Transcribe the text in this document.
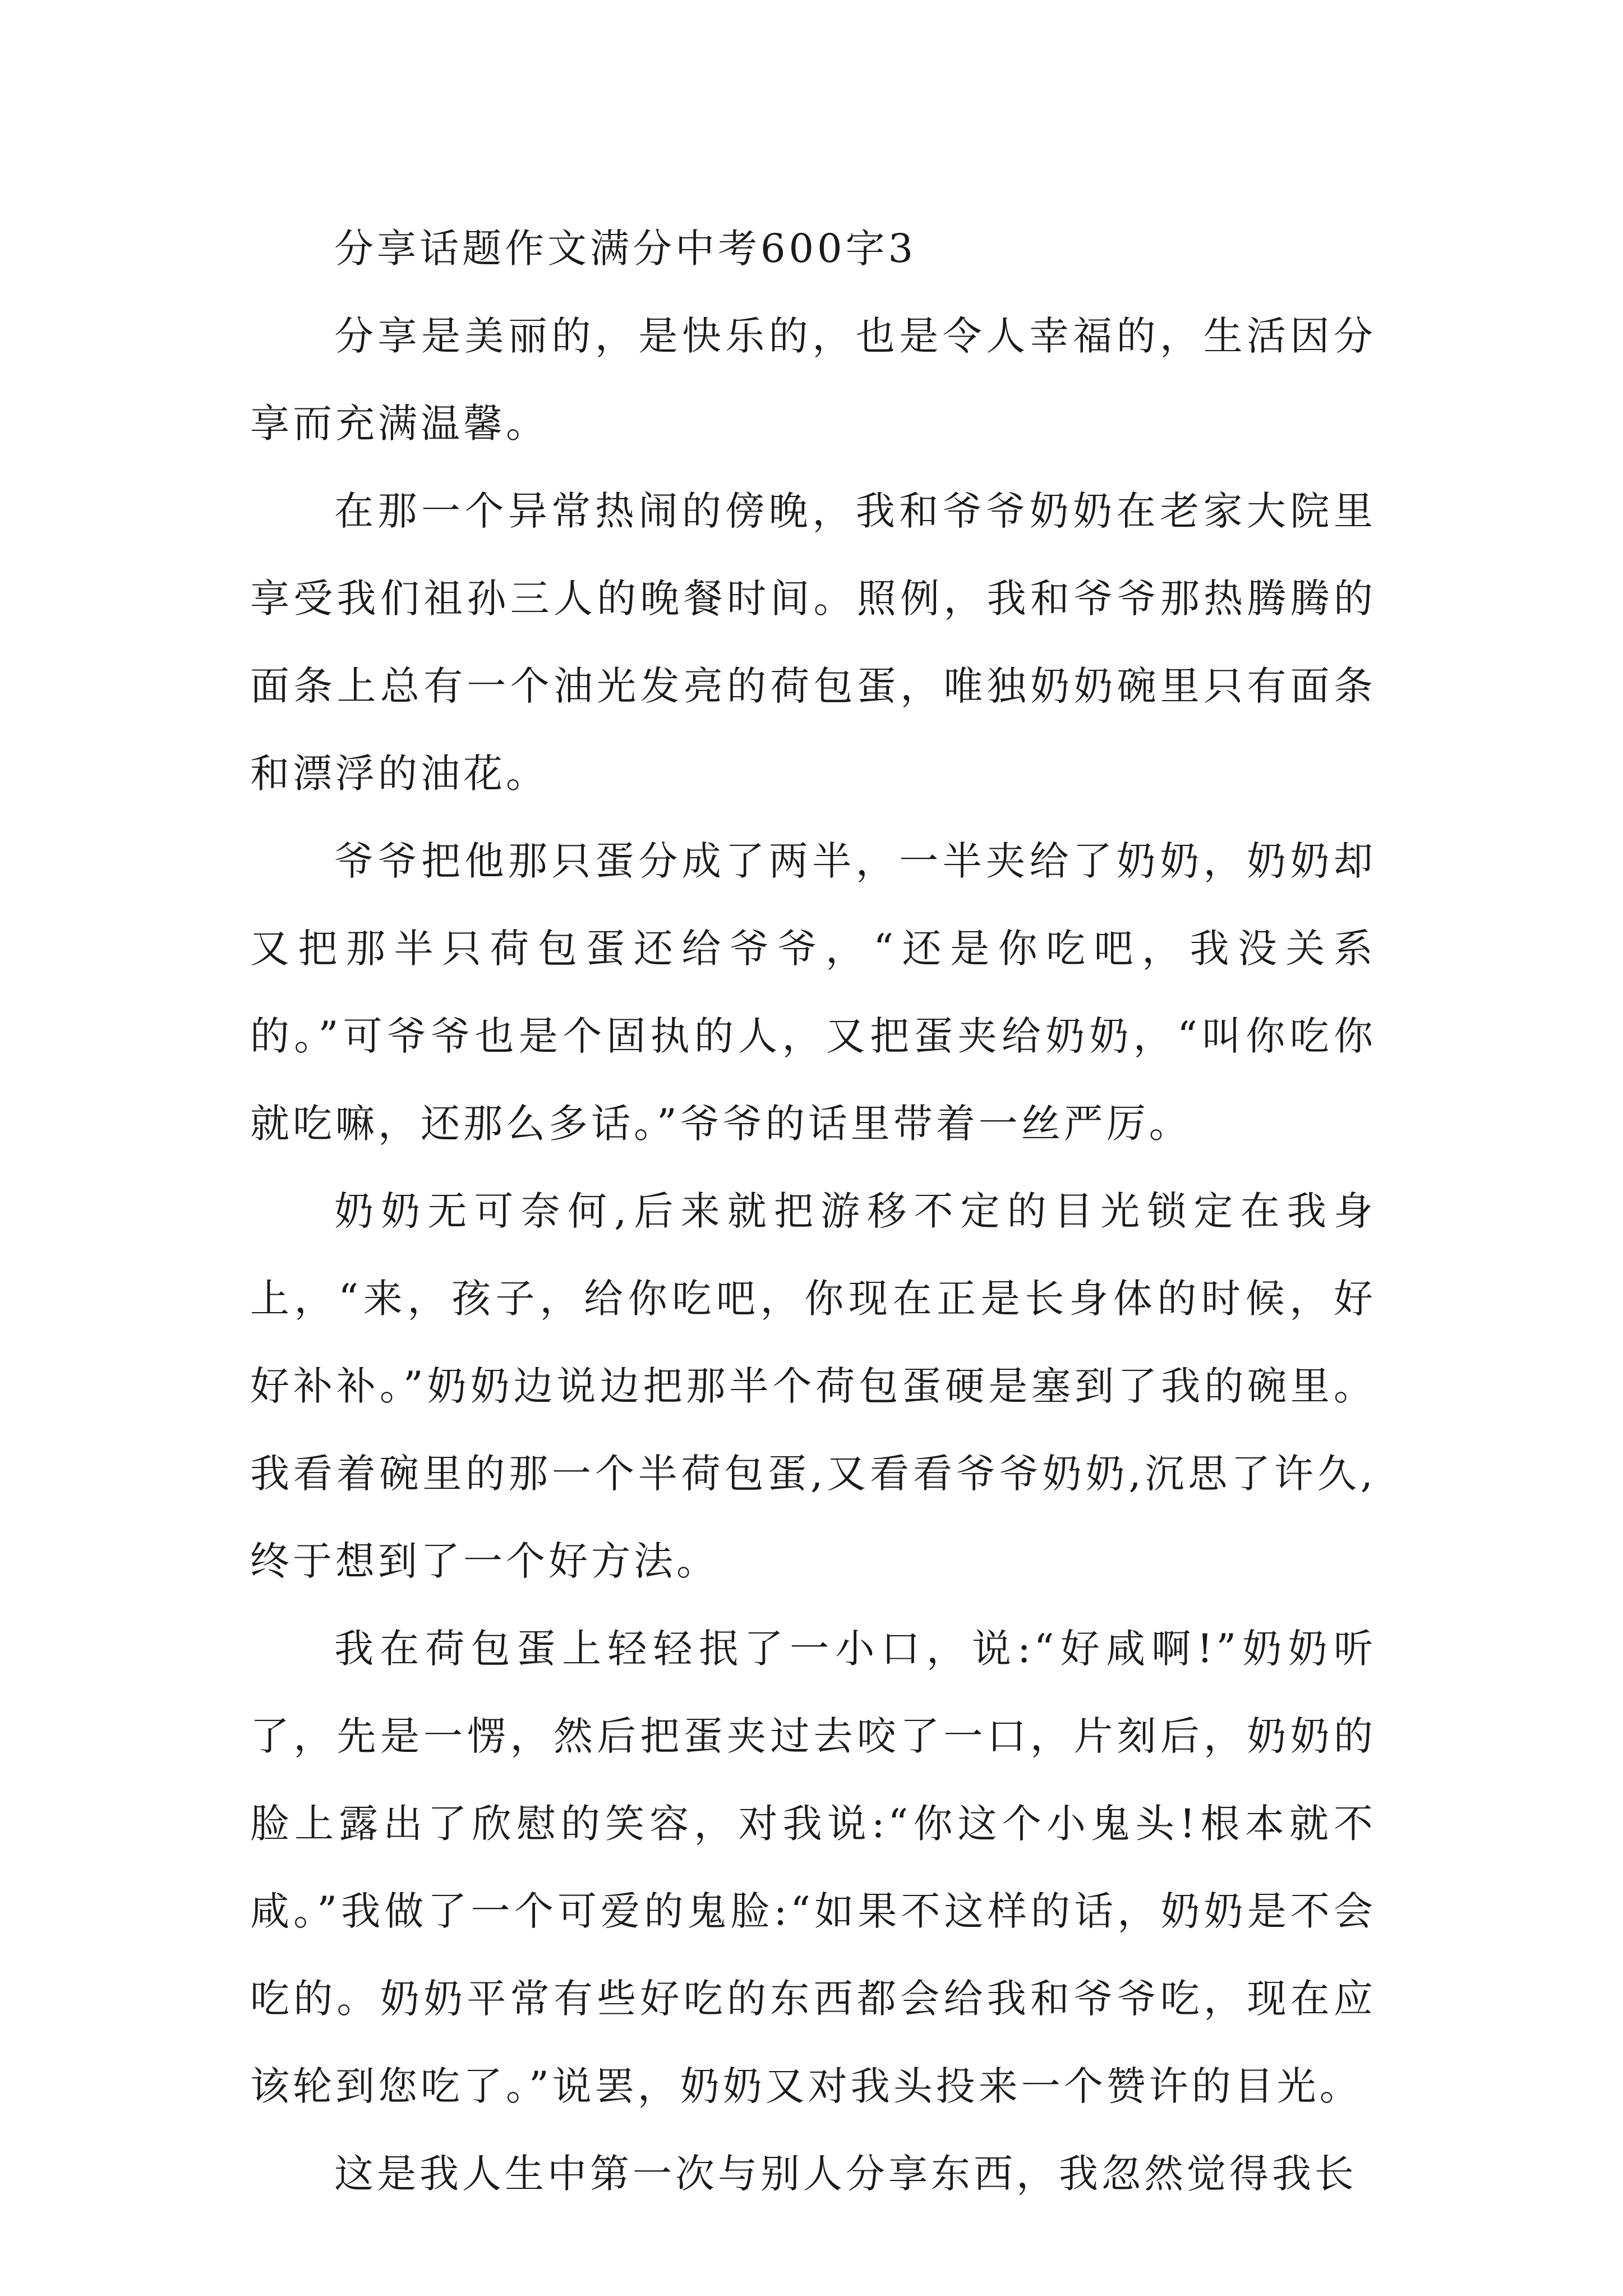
分享话题作文满分中考600字3

分享是美丽的，是快乐的，也是令人幸福的，生活因分享而充满温馨。

在那一个异常热闹的傍晚，我和爷爷奶奶在老家大院里享受我们祖孙三人的晚餐时间。照例，我和爷爷那热腾腾的面条上总有一个油光发亮的荷包蛋，唯独奶奶碗里只有面条和漂浮的油花。

爷爷把他那只蛋分成了两半，一半夹给了奶奶，奶奶却又把那半只荷包蛋还给爷爷，“还是你吃吧，我没关系的。”可爷爷也是个固执的人，又把蛋夹给奶奶，“叫你吃你就吃嘛，还那么多话。”爷爷的话里带着一丝严厉。

奶奶无可奈何,后来就把游移不定的目光锁定在我身上，“来，孩子，给你吃吧，你现在正是长身体的时候，好好补补。”奶奶边说边把那半个荷包蛋硬是塞到了我的碗里。我看着碗里的那一个半荷包蛋,又看看爷爷奶奶,沉思了许久,终于想到了一个好方法。

我在荷包蛋上轻轻抿了一小口，说:“好咸啊!”奶奶听了，先是一愣，然后把蛋夹过去咬了一口，片刻后，奶奶的脸上露出了欣慰的笑容，对我说:“你这个小鬼头!根本就不咸。”我做了一个可爱的鬼脸:“如果不这样的话，奶奶是不会吃的。奶奶平常有些好吃的东西都会给我和爷爷吃，现在应该轮到您吃了。”说罢，奶奶又对我头投来一个赞许的目光。

这是我人生中第一次与别人分享东西，我忽然觉得我长
